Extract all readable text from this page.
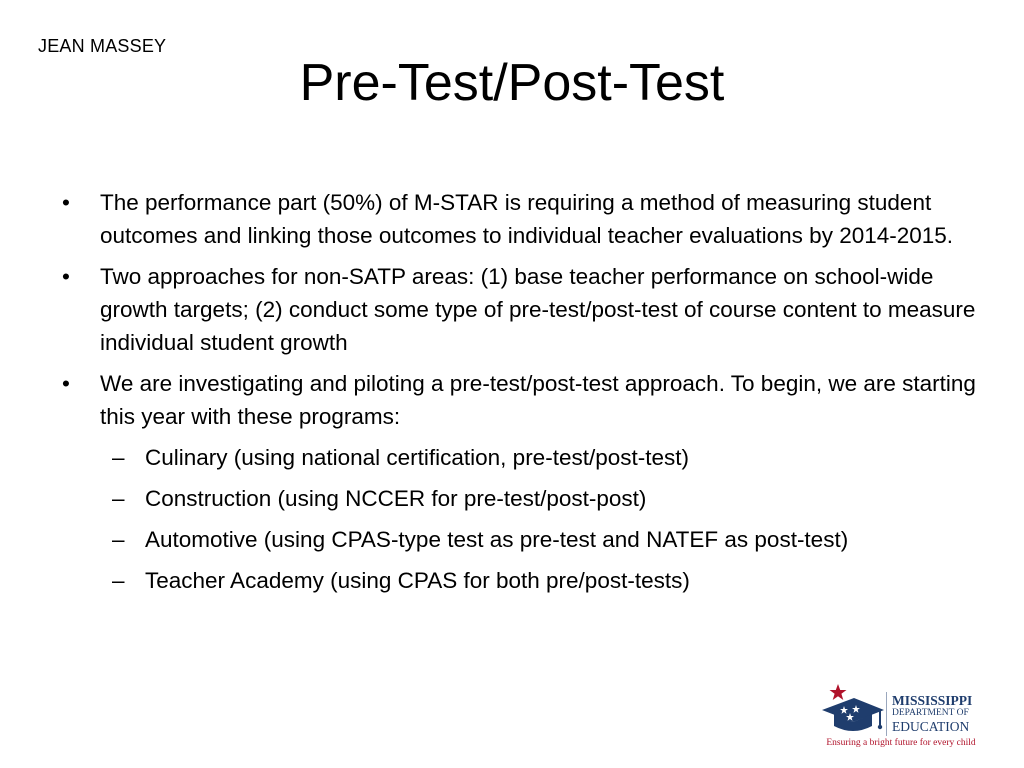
JEAN MASSEY
Pre-Test/Post-Test
• The performance part (50%) of M-STAR is requiring a method of measuring student outcomes and linking those outcomes to individual teacher evaluations by 2014-2015.
• Two approaches for non-SATP areas: (1) base teacher performance on school-wide growth targets; (2) conduct some type of pre-test/post-test of course content to measure individual student growth
• We are investigating and piloting a pre-test/post-test approach. To begin, we are starting this year with these programs:
– Culinary (using national certification, pre-test/post-test)
– Construction (using NCCER for pre-test/post-post)
– Automotive (using CPAS-type test as pre-test and NATEF as post-test)
– Teacher Academy (using CPAS for both pre/post-tests)
MISSISSIPPI
DEPARTMENT OF
EDUCATION
Ensuring a bright future for every child
